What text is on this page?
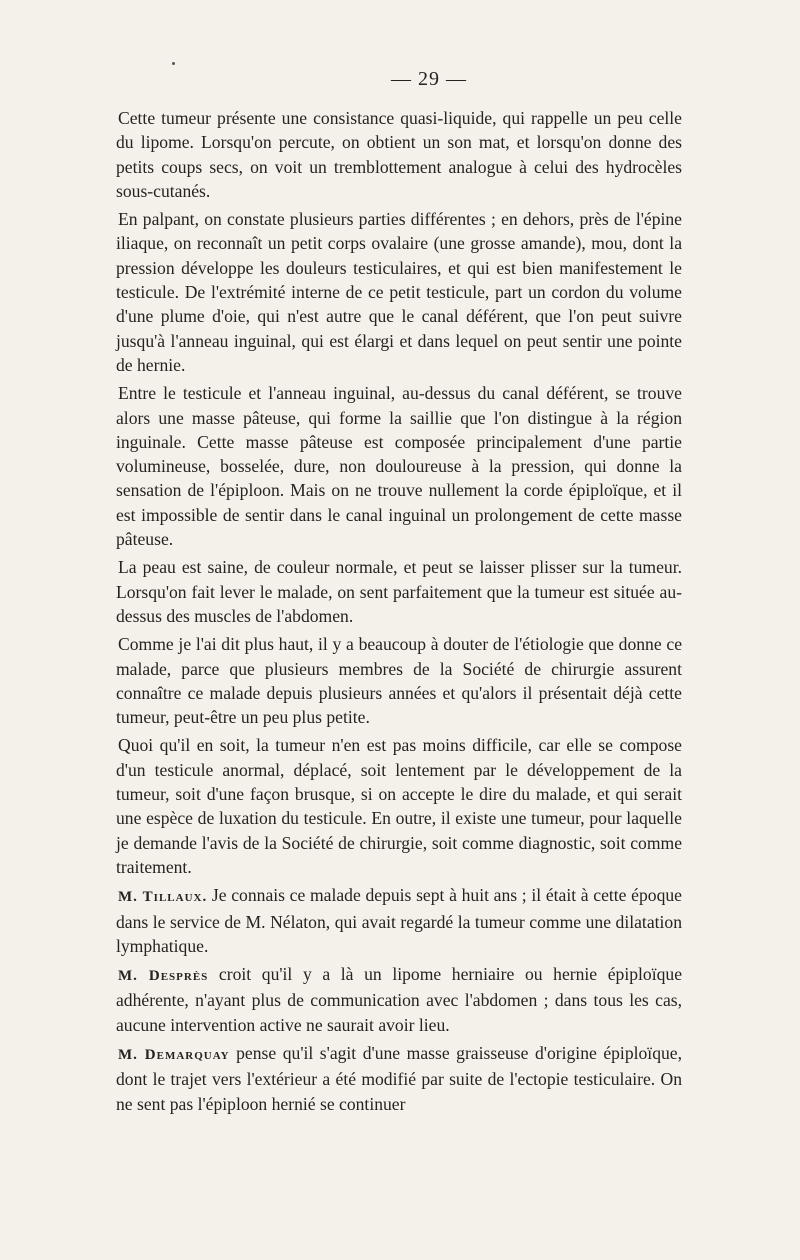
— 29 —

Cette tumeur présente une consistance quasi-liquide, qui rappelle un peu celle du lipome. Lorsqu'on percute, on obtient un son mat, et lorsqu'on donne des petits coups secs, on voit un tremblottement analogue à celui des hydrocèles sous-cutanés.

En palpant, on constate plusieurs parties différentes ; en dehors, près de l'épine iliaque, on reconnaît un petit corps ovalaire (une grosse amande), mou, dont la pression développe les douleurs testiculaires, et qui est bien manifestement le testicule. De l'extrémité interne de ce petit testicule, part un cordon du volume d'une plume d'oie, qui n'est autre que le canal déférent, que l'on peut suivre jusqu'à l'anneau inguinal, qui est élargi et dans lequel on peut sentir une pointe de hernie.

Entre le testicule et l'anneau inguinal, au-dessus du canal déférent, se trouve alors une masse pâteuse, qui forme la saillie que l'on distingue à la région inguinale. Cette masse pâteuse est composée principalement d'une partie volumineuse, bosselée, dure, non douloureuse à la pression, qui donne la sensation de l'épiploon. Mais on ne trouve nullement la corde épiploïque, et il est impossible de sentir dans le canal inguinal un prolongement de cette masse pâteuse.

La peau est saine, de couleur normale, et peut se laisser plisser sur la tumeur. Lorsqu'on fait lever le malade, on sent parfaitement que la tumeur est située au-dessus des muscles de l'abdomen.

Comme je l'ai dit plus haut, il y a beaucoup à douter de l'étiologie que donne ce malade, parce que plusieurs membres de la Société de chirurgie assurent connaître ce malade depuis plusieurs années et qu'alors il présentait déjà cette tumeur, peut-être un peu plus petite.

Quoi qu'il en soit, la tumeur n'en est pas moins difficile, car elle se compose d'un testicule anormal, déplacé, soit lentement par le développement de la tumeur, soit d'une façon brusque, si on accepte le dire du malade, et qui serait une espèce de luxation du testicule. En outre, il existe une tumeur, pour laquelle je demande l'avis de la Société de chirurgie, soit comme diagnostic, soit comme traitement.

M. Tillaux. Je connais ce malade depuis sept à huit ans ; il était à cette époque dans le service de M. Nélaton, qui avait regardé la tumeur comme une dilatation lymphatique.

M. Desprès croit qu'il y a là un lipome herniaire ou hernie épiploïque adhérente, n'ayant plus de communication avec l'abdomen ; dans tous les cas, aucune intervention active ne saurait avoir lieu.

M. Demarquay pense qu'il s'agit d'une masse graisseuse d'origine épiploïque, dont le trajet vers l'extérieur a été modifié par suite de l'ectopie testiculaire. On ne sent pas l'épiploon hernié se continuer
